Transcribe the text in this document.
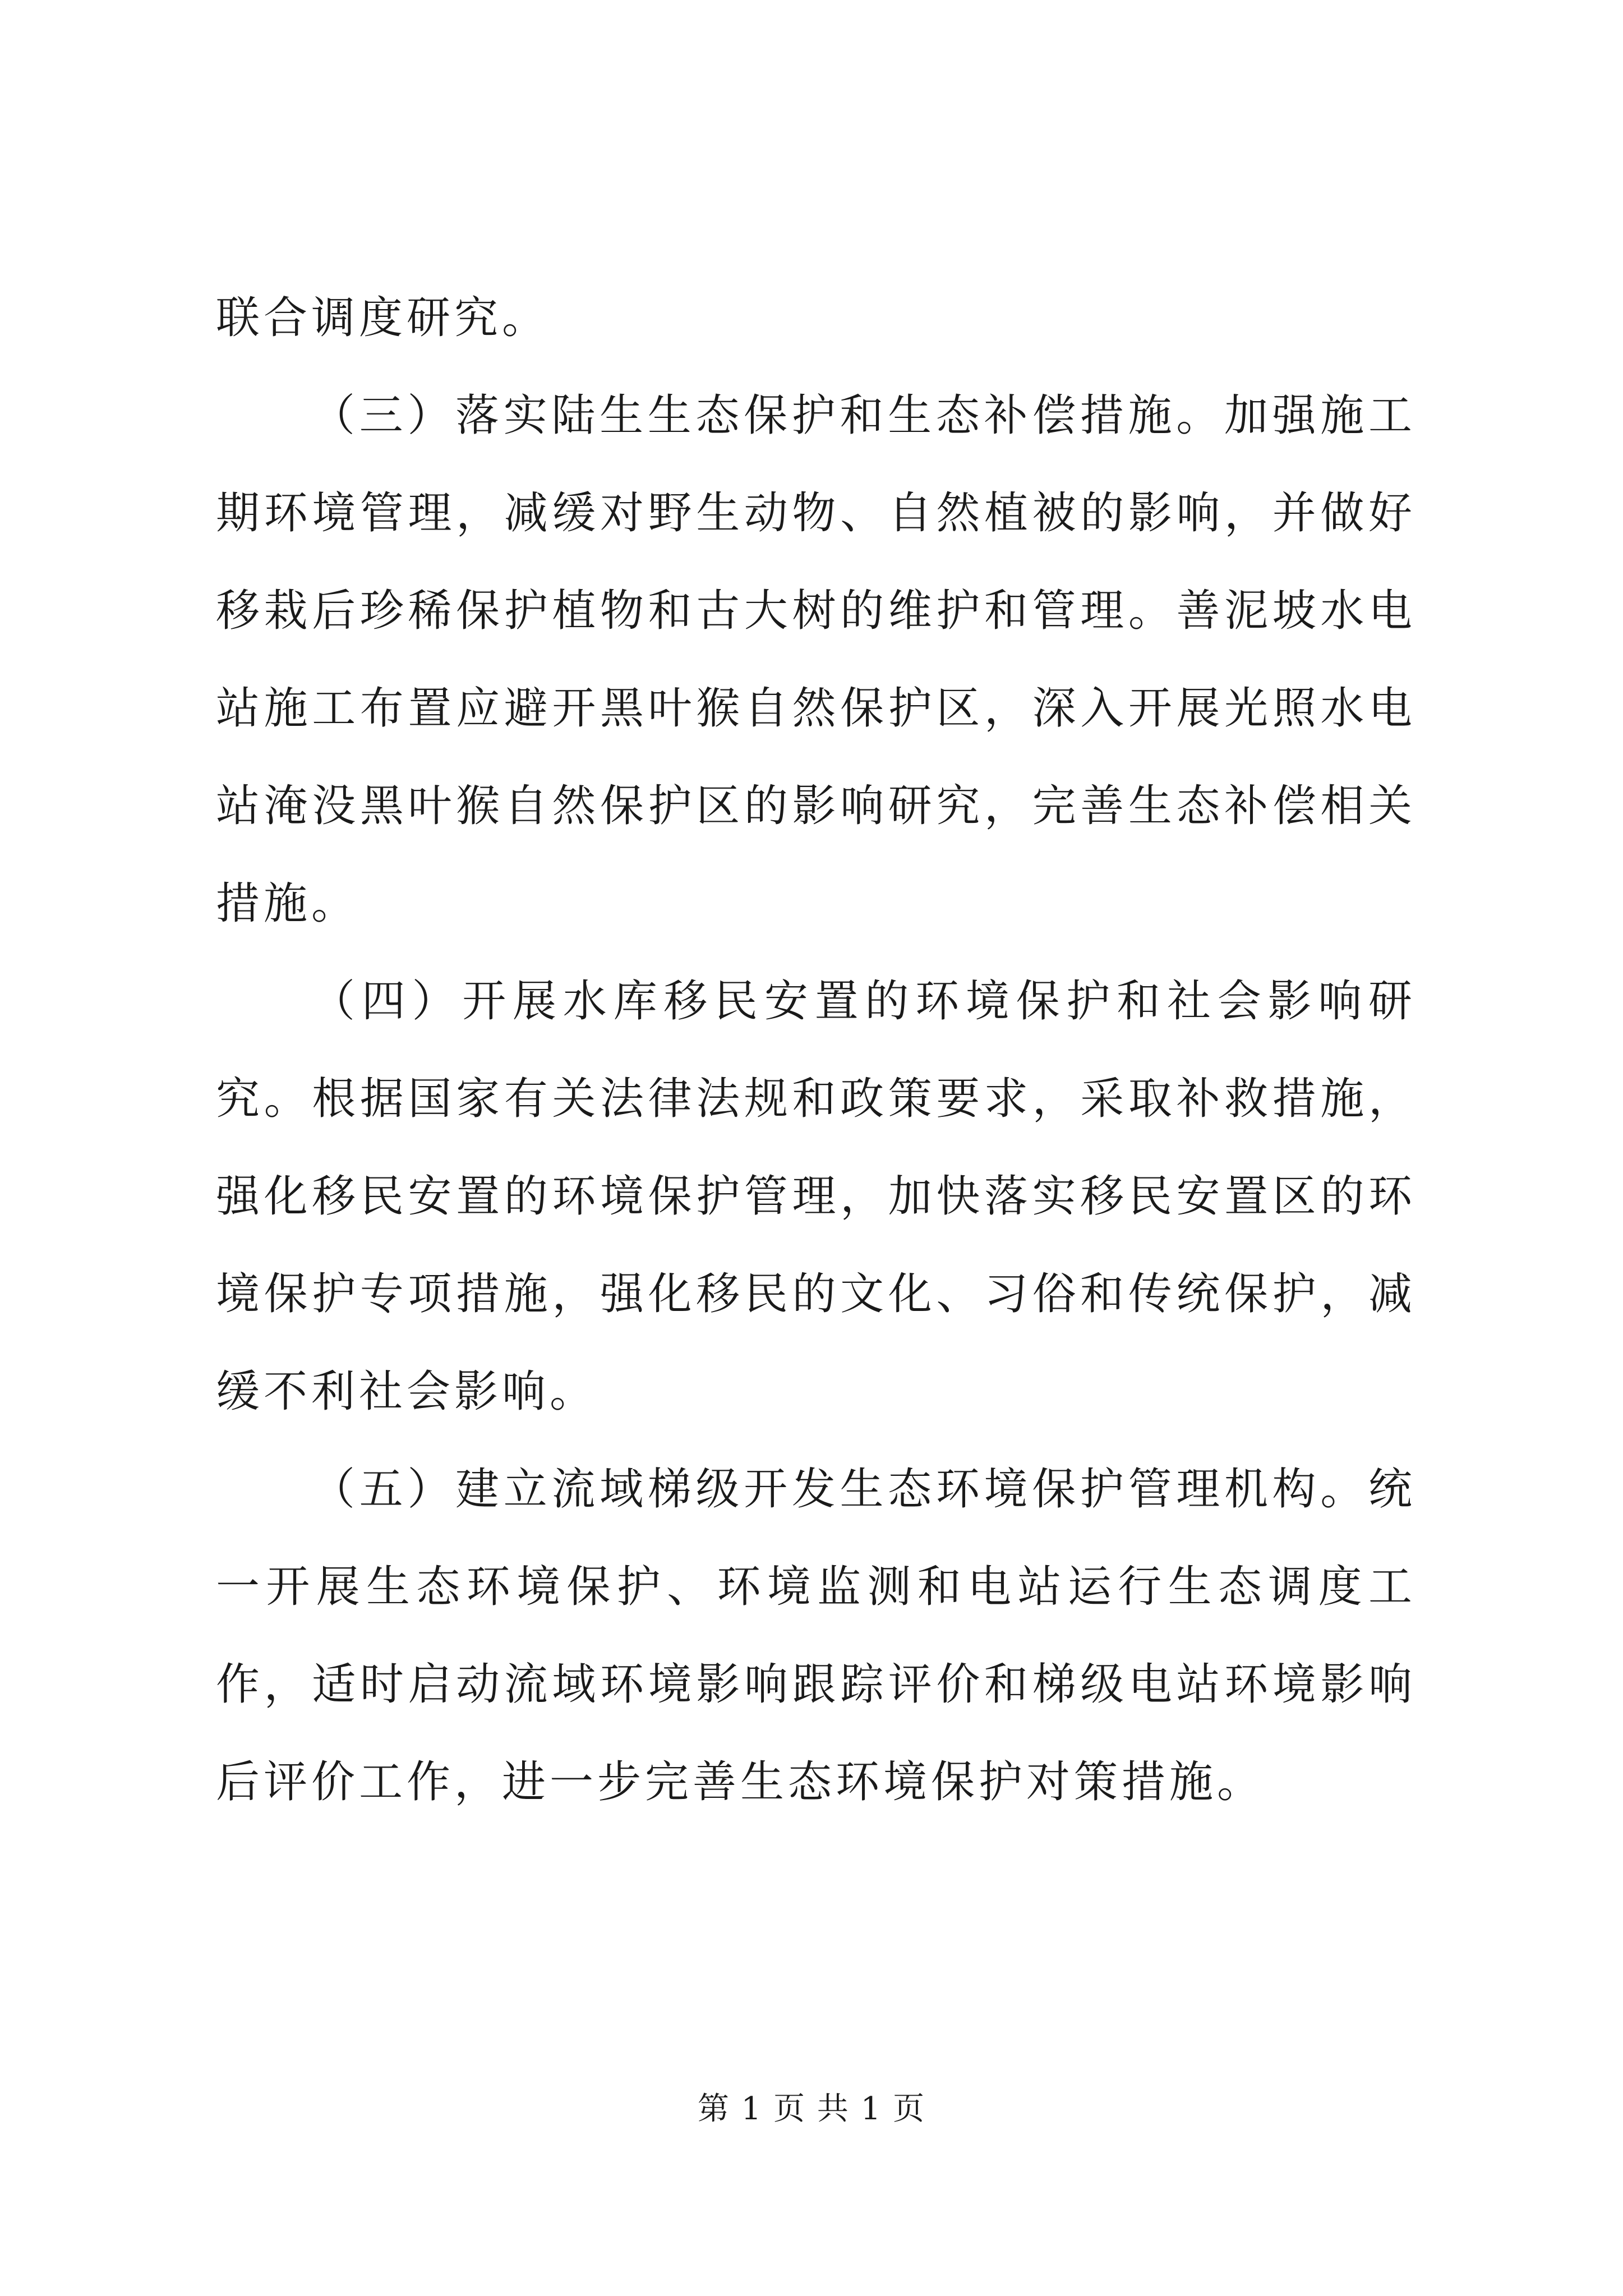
联合调度研究。

（三）落实陆生生态保护和生态补偿措施。加强施工期环境管理，减缓对野生动物、自然植被的影响，并做好移栽后珍稀保护植物和古大树的维护和管理。善泥坡水电站施工布置应避开黑叶猴自然保护区，深入开展光照水电站淹没黑叶猴自然保护区的影响研究，完善生态补偿相关措施。

（四）开展水库移民安置的环境保护和社会影响研究。根据国家有关法律法规和政策要求，采取补救措施，强化移民安置的环境保护管理，加快落实移民安置区的环境保护专项措施，强化移民的文化、习俗和传统保护，减缓不利社会影响。

（五）建立流域梯级开发生态环境保护管理机构。统一开展生态环境保护、环境监测和电站运行生态调度工作，适时启动流域环境影响跟踪评价和梯级电站环境影响后评价工作，进一步完善生态环境保护对策措施。

第 1 页 共 1 页
